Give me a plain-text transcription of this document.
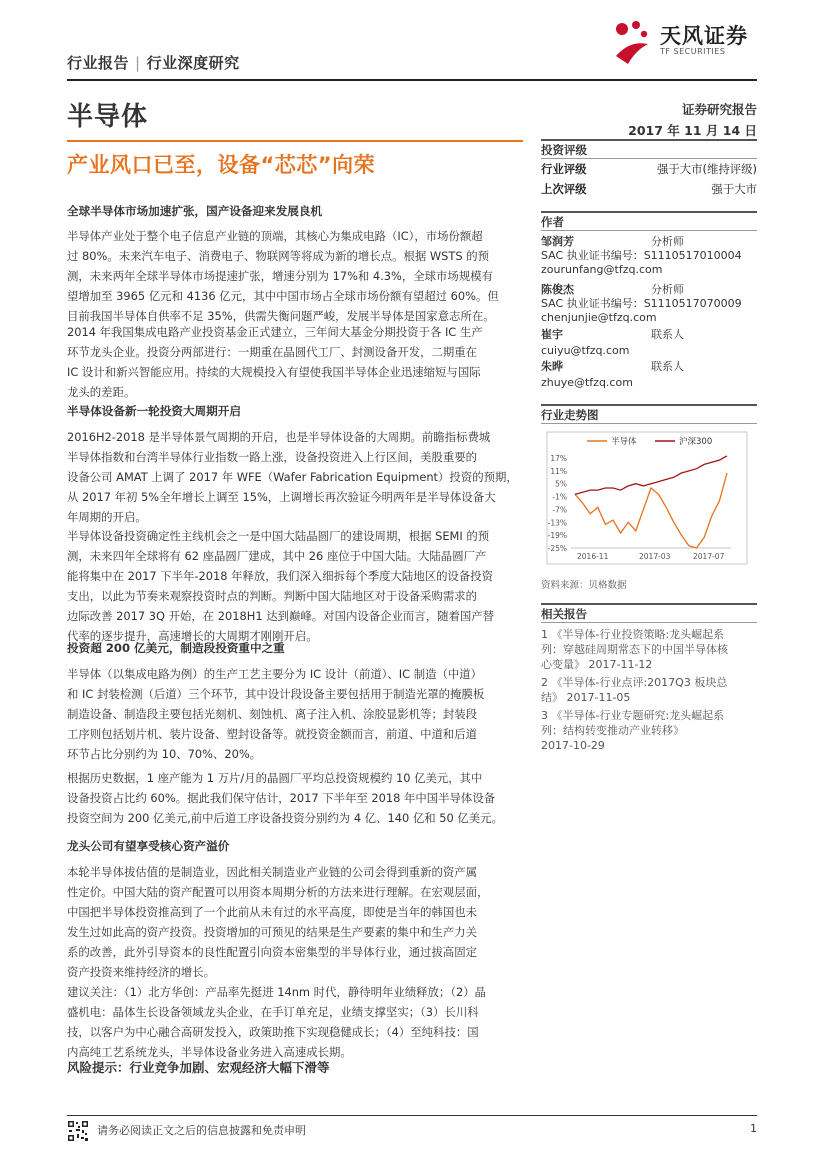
行业报告 | 行业深度研究
天风证券
TF SECURITIES
半导体	证券研究报告
2017 年 11 月 14 日
产业风口已至，设备“芯芯”向荣
全球半导体市场加速扩张，国产设备迎来发展良机
半导体产业处于整个电子信息产业链的顶端，其核心为集成电路（IC），市场份额超
过 80%。未来汽车电子、消费电子、物联网等将成为新的增长点。根据 WSTS 的预
测，未来两年全球半导体市场提速扩张，增速分别为 17%和 4.3%，全球市场规模有
望增加至 3965 亿元和 4136 亿元，其中中国市场占全球市场份额有望超过 60%。但
目前我国半导体自供率不足 35%，供需失衡问题严峻，发展半导体是国家意志所在。
2014 年我国集成电路产业投资基金正式建立，三年间大基金分期投资于各 IC 生产
环节龙头企业。投资分两部进行：一期重在晶圆代工厂、封测设备开发，二期重在
IC 设计和新兴智能应用。持续的大规模投入有望使我国半导体企业迅速缩短与国际
龙头的差距。
半导体设备新一轮投资大周期开启
2016H2-2018 是半导体景气周期的开启，也是半导体设备的大周期。前瞻指标费城
半导体指数和台湾半导体行业指数一路上涨，设备投资进入上行区间，美股重要的
设备公司 AMAT 上调了 2017 年 WFE（Wafer Fabrication Equipment）投资的预期，
从 2017 年初 5%全年增长上调至 15%，上调增长再次验证今明两年是半导体设备大
年周期的开启。
半导体设备投资确定性主线机会之一是中国大陆晶圆厂的建设周期，根据 SEMI 的预
测，未来四年全球将有 62 座晶圆厂建成，其中 26 座位于中国大陆。大陆晶圆厂产
能将集中在 2017 下半年-2018 年释放，我们深入细拆每个季度大陆地区的设备投资
支出，以此为节奏来观察投资时点的判断。判断中国大陆地区对于设备采购需求的
边际改善 2017 3Q 开始，在 2018H1 达到巅峰。对国内设备企业而言，随着国产替
代率的逐步提升，高速增长的大周期才刚刚开启。
投资超 200 亿美元，制造段投资重中之重
半导体（以集成电路为例）的生产工艺主要分为 IC 设计（前道）、IC 制造（中道）
和 IC 封装检测（后道）三个环节，其中设计段设备主要包括用于制造光罩的掩膜板
制造设备、制造段主要包括光刻机、刻蚀机、离子注入机、涂胶显影机等；封装段
工序则包括划片机、装片设备、塑封设备等。就投资金额而言，前道、中道和后道
环节占比分别约为 10、70%、20%。
根据历史数据，1 座产能为 1 万片/月的晶圆厂平均总投资规模约 10 亿美元，其中
设备投资占比约 60%。据此我们保守估计，2017 下半年至 2018 年中国半导体设备
投资空间为 200 亿美元,前中后道工序设备投资分别约为 4 亿、140 亿和 50 亿美元。
龙头公司有望享受核心资产溢价
本轮半导体拔估值的是制造业，因此相关制造业产业链的公司会得到重新的资产属
性定价。中国大陆的资产配置可以用资本周期分析的方法来进行理解。在宏观层面，
中国把半导体投资推高到了一个此前从未有过的水平高度，即使是当年的韩国也未
发生过如此高的资产投资。投资增加的可预见的结果是生产要素的集中和生产力关
系的改善，此外引导资本的良性配置引向资本密集型的半导体行业，通过拔高固定
资产投资来维持经济的增长。
建议关注：（1）北方华创：产品率先挺进 14nm 时代，静待明年业绩释放；（2）晶
盛机电：晶体生长设备领域龙头企业，在手订单充足，业绩支撑坚实；（3）长川科
技，以客户为中心融合高研发投入，政策助推下实现稳健成长；（4）至纯科技：国
内高纯工艺系统龙头，半导体设备业务进入高速成长期。
风险提示：行业竞争加剧、宏观经济大幅下滑等
投资评级
行业评级	强于大市(维持评级)
上次评级	强于大市
作者
邹润芳	分析师
SAC 执业证书编号：S1110517010004
zourunfang@tfzq.com
陈俊杰	分析师
SAC 执业证书编号：S1110517070009
chenjunjie@tfzq.com
崔宇	联系人
cuiyu@tfzq.com
朱晔	联系人
zhuye@tfzq.com
行业走势图
半导体	沪深300
17%
11%
5%
-1%
-7%
-13%
-19%
-25%
2016-11	2017-03	2017-07
资料来源：贝格数据
相关报告
1 《半导体-行业投资策略:龙头崛起系
列：穿越硅周期常态下的中国半导体核
心变量》 2017-11-12
2 《半导体-行业点评:2017Q3 板块总
结》 2017-11-05
3 《半导体-行业专题研究:龙头崛起系
列：结构转变推动产业转移》
2017-10-29
请务必阅读正文之后的信息披露和免责申明	1
